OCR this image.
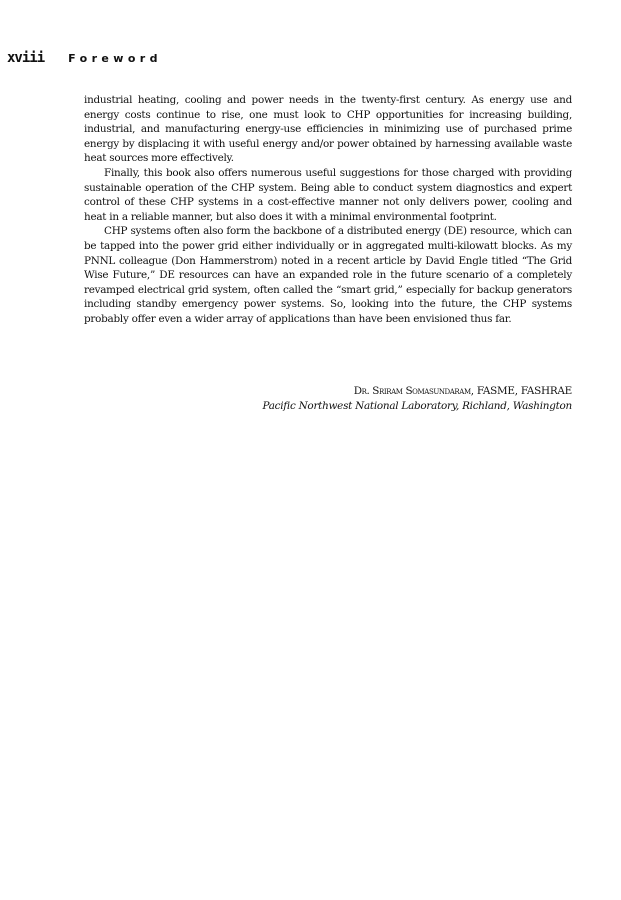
xviii Foreword

industrial heating, cooling and power needs in the twenty-first century. As energy use and energy costs continue to rise, one must look to CHP opportunities for increasing building, industrial, and manufacturing energy-use efficiencies in minimizing use of purchased prime energy by displacing it with useful energy and/or power obtained by harnessing available waste heat sources more effectively.

Finally, this book also offers numerous useful suggestions for those charged with providing sustainable operation of the CHP system. Being able to conduct system diagnostics and expert control of these CHP systems in a cost-effective manner not only delivers power, cooling and heat in a reliable manner, but also does it with a minimal environmental footprint.

CHP systems often also form the backbone of a distributed energy (DE) resource, which can be tapped into the power grid either individually or in aggregated multi-kilowatt blocks. As my PNNL colleague (Don Hammerstrom) noted in a recent article by David Engle titled “The Grid Wise Future,” DE resources can have an expanded role in the future scenario of a completely revamped electrical grid system, often called the “smart grid,” especially for backup generators including standby emergency power systems. So, looking into the future, the CHP systems probably offer even a wider array of applications than have been envisioned thus far.

Dr. Sriram Somasundaram, FASME, FASHRAE
Pacific Northwest National Laboratory, Richland, Washington
